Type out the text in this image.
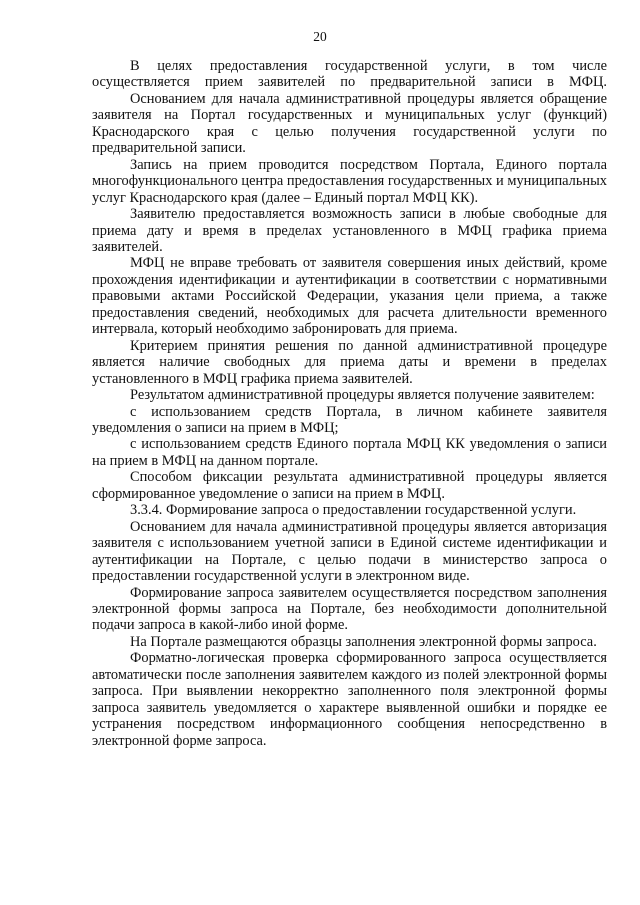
20

В целях предоставления государственной услуги, в том числе осуществляется прием заявителей по предварительной записи в МФЦ.

Основанием для начала административной процедуры является обращение заявителя на Портал государственных и муниципальных услуг (функций) Краснодарского края с целью получения государственной услуги по предварительной записи.

Запись на прием проводится посредством Портала, Единого портала многофункционального центра предоставления государственных и муниципальных услуг Краснодарского края (далее – Единый портал МФЦ КК).

Заявителю предоставляется возможность записи в любые свободные для приема дату и время в пределах установленного в МФЦ графика приема заявителей.

МФЦ не вправе требовать от заявителя совершения иных действий, кроме прохождения идентификации и аутентификации в соответствии с нормативными правовыми актами Российской Федерации, указания цели приема, а также предоставления сведений, необходимых для расчета длительности временного интервала, который необходимо забронировать для приема.

Критерием принятия решения по данной административной процедуре является наличие свободных для приема даты и времени в пределах установленного в МФЦ графика приема заявителей.

Результатом административной процедуры является получение заявителем:

с использованием средств Портала, в личном кабинете заявителя уведомления о записи на прием в МФЦ;

с использованием средств Единого портала МФЦ КК уведомления о записи на прием в МФЦ на данном портале.

Способом фиксации результата административной процедуры является сформированное уведомление о записи на прием в МФЦ.

3.3.4. Формирование запроса о предоставлении государственной услуги.

Основанием для начала административной процедуры является авторизация заявителя с использованием учетной записи в Единой системе идентификации и аутентификации на Портале, с целью подачи в министерство запроса о предоставлении государственной услуги в электронном виде.

Формирование запроса заявителем осуществляется посредством заполнения электронной формы запроса на Портале, без необходимости дополнительной подачи запроса в какой-либо иной форме.

На Портале размещаются образцы заполнения электронной формы запроса.

Форматно-логическая проверка сформированного запроса осуществляется автоматически после заполнения заявителем каждого из полей электронной формы запроса. При выявлении некорректно заполненного поля электронной формы запроса заявитель уведомляется о характере выявленной ошибки и порядке ее устранения посредством информационного сообщения непосредственно в электронной форме запроса.
